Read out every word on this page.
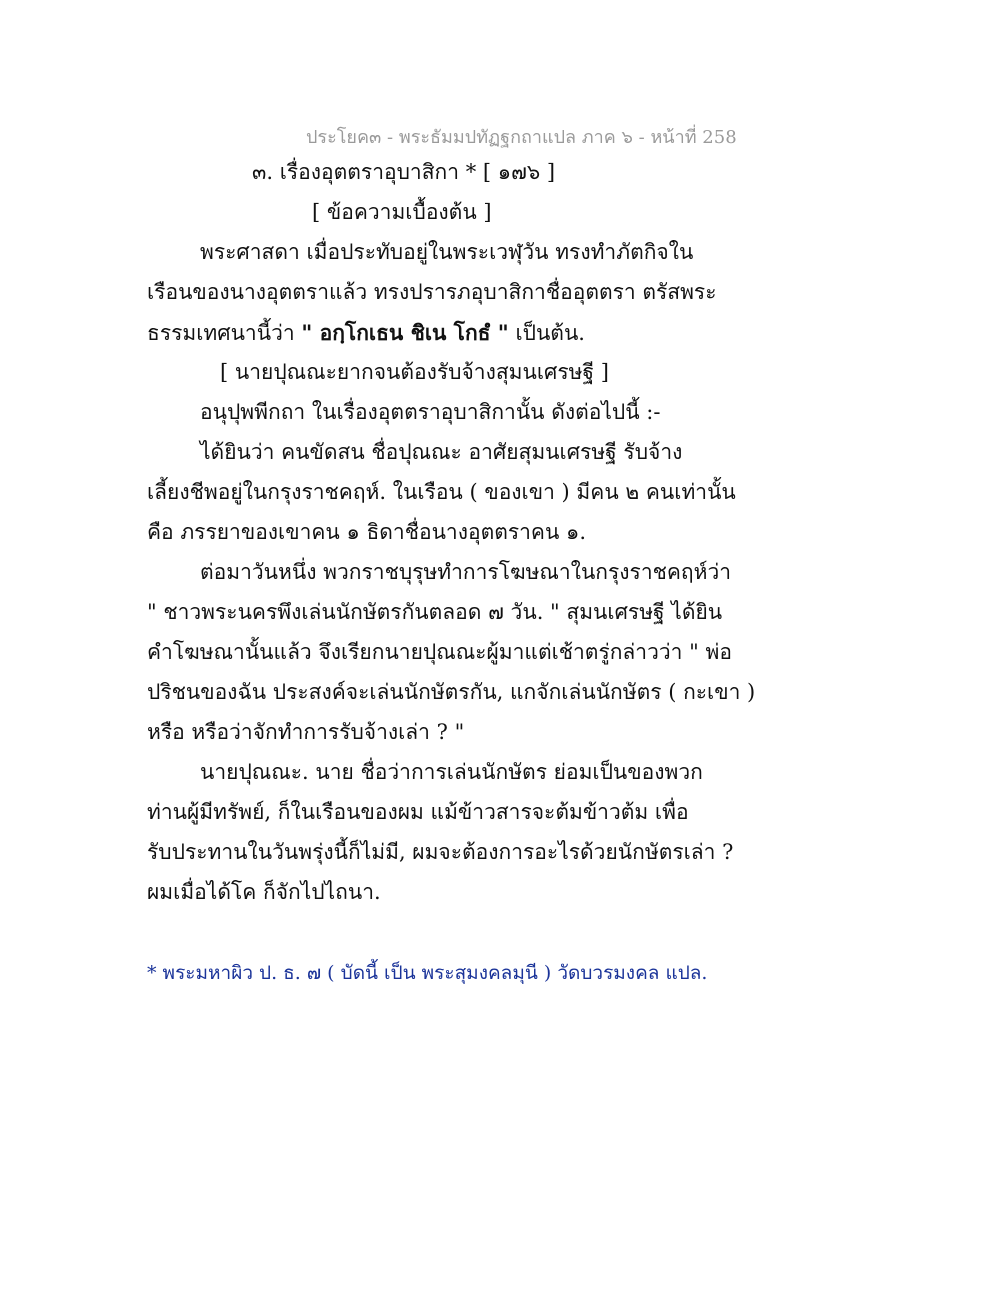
ประโยค๓ - พระธัมมปทัฏฐกถาแปล ภาค ๖ - หน้าที่ 258
๓. เรื่องอุตตราอุบาสิกา * [ ๑๗๖ ]
[ ข้อความเบื้องต้น ]
พระศาสดา เมื่อประทับอยู่ในพระเวฬุวัน ทรงทำภัตกิจใน
เรือนของนางอุตตราแล้ว ทรงปรารภอุบาสิกาชื่ออุตตรา ตรัสพระ
ธรรมเทศนานี้ว่า " อกฺโกเธน ชิเน โกธํ " เป็นต้น.
[ นายปุณณะยากจนต้องรับจ้างสุมนเศรษฐี ]
อนุปุพพีกถา ในเรื่องอุตตราอุบาสิกานั้น ดังต่อไปนี้ :-
ได้ยินว่า คนขัดสน ชื่อปุณณะ อาศัยสุมนเศรษฐี รับจ้าง
เลี้ยงชีพอยู่ในกรุงราชคฤห์. ในเรือน ( ของเขา ) มีคน ๒ คนเท่านั้น
คือ ภรรยาของเขาคน ๑ ธิดาชื่อนางอุตตราคน ๑.
ต่อมาวันหนึ่ง พวกราชบุรุษทำการโฆษณาในกรุงราชคฤห์ว่า
" ชาวพระนครพึงเล่นนักษัตรกันตลอด ๗ วัน. " สุมนเศรษฐี ได้ยิน
คำโฆษณานั้นแล้ว จึงเรียกนายปุณณะผู้มาแต่เช้าตรู่กล่าวว่า " พ่อ
ปริชนของฉัน ประสงค์จะเล่นนักษัตรกัน, แกจักเล่นนักษัตร ( กะเขา )
หรือ หรือว่าจักทำการรับจ้างเล่า ? "
นายปุณณะ. นาย ชื่อว่าการเล่นนักษัตร ย่อมเป็นของพวก
ท่านผู้มีทรัพย์, ก็ในเรือนของผม แม้ข้าวสารจะต้มข้าวต้ม เพื่อ
รับประทานในวันพรุ่งนี้ก็ไม่มี, ผมจะต้องการอะไรด้วยนักษัตรเล่า ?
ผมเมื่อได้โค ก็จักไปไถนา.
* พระมหาผิว ป. ธ. ๗ ( บัดนี้ เป็น พระสุมงคลมุนี ) วัดบวรมงคล แปล.
